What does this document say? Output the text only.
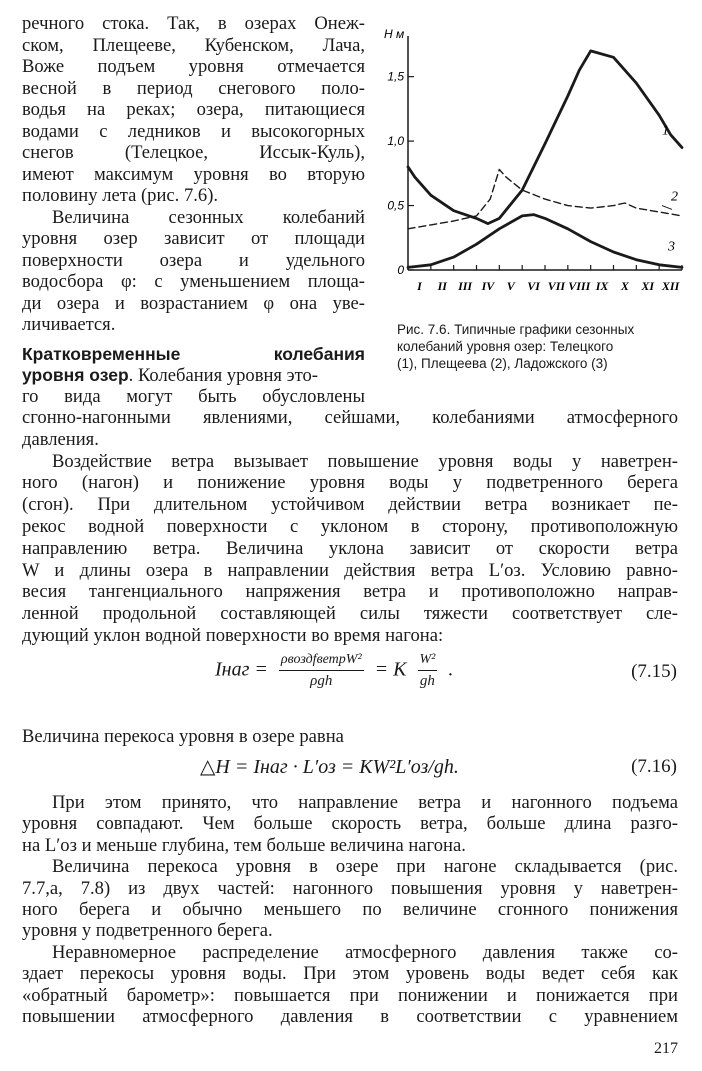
речного стока. Так, в озерах Онеж-
ском, Плещееве, Кубенском, Лача,
Воже подъем уровня отмечается
весной в период снегового поло-
водья на реках; озера, питающиеся
водами с ледников и высокогорных
снегов (Телецкое, Иссык-Куль),
имеют максимум уровня во вторую
половину лета (рис. 7.6).
Величина сезонных колебаний
уровня озер зависит от площади
поверхности озера и удельного
водосбора φ: с уменьшением площа-
ди озера и возрастанием φ она уве-
личивается.
Кратковременные колебания
уровня озер. Колебания уровня это-
го вида могут быть обусловлены
Н м
0
0,5
1,0
1,5
I II III IV V VI VII VIII IX X XI XII
1
2
3
Рис. 7.6. Типичные графики сезонных
колебаний уровня озер: Телецкого
(1), Плещеева (2), Ладожского (3)
сгонно-нагонными явлениями, сейшами, колебаниями атмосферного
давления.
Воздействие ветра вызывает повышение уровня воды у наветрен-
ного (нагон) и понижение уровня воды у подветренного берега
(сгон). При длительном устойчивом действии ветра возникает пе-
рекос водной поверхности с уклоном в сторону, противоположную
направлению ветра. Величина уклона зависит от скорости ветра
W и длины озера в направлении действия ветра L′оз. Условию равно-
весия тангенциального напряжения ветра и противоположно направ-
ленной продольной составляющей силы тяжести соответствует сле-
дующий уклон водной поверхности во время нагона:
Iнаг = $\frac{\text{ρвоздfветрW²}}{\text{ρgh}} = K \frac{\text{W²}}{gh}$ .	(7.15)
Величина перекоса уровня в озере равна
△H = Iнаг · L′оз = KW²L′оз/gh.	(7.16)
При этом принято, что направление ветра и нагонного подъема
уровня совпадают. Чем больше скорость ветра, больше длина разго-
на L′оз и меньше глубина, тем больше величина нагона.
Величина перекоса уровня в озере при нагоне складывается (рис.
7.7,а, 7.8) из двух частей: нагонного повышения уровня у наветрен-
ного берега и обычно меньшего по величине сгонного понижения
уровня у подветренного берега.
Неравномерное распределение атмосферного давления также со-
здает перекосы уровня воды. При этом уровень воды ведет себя как
«обратный барометр»: повышается при понижении и понижается при
повышении атмосферного давления в соответствии с уравнением
217
